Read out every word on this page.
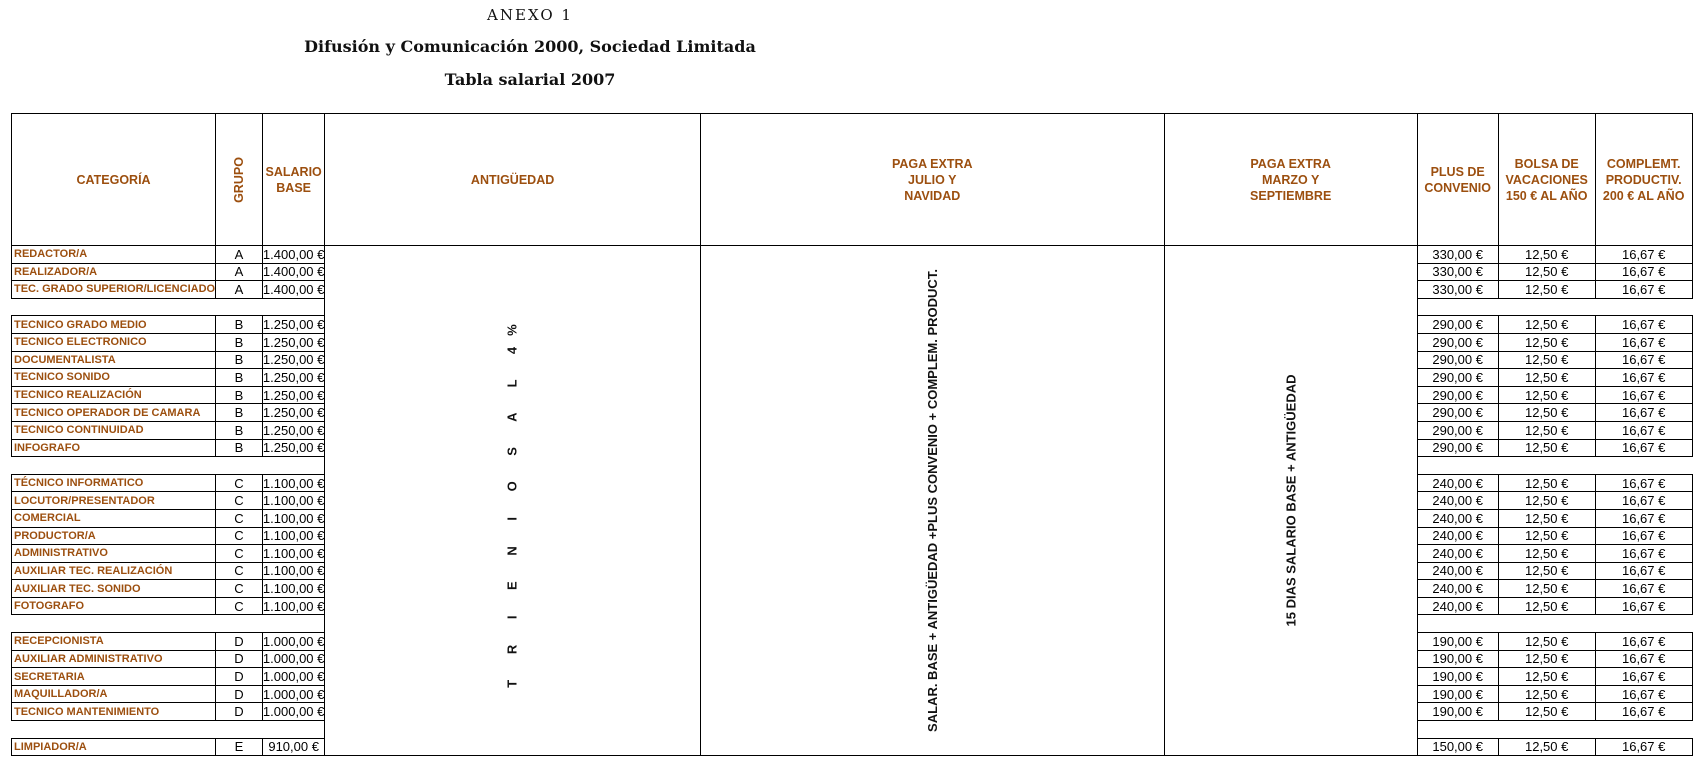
ANEXO 1
Difusión y Comunicación 2000, Sociedad Limitada
Tabla salarial 2007
CATEGORÍA	GRUPO	SALARIO BASE	ANTIGÜEDAD	PAGA EXTRA JULIO Y NAVIDAD	PAGA EXTRA MARZO Y SEPTIEMBRE	PLUS DE CONVENIO	BOLSA DE VACACIONES 150 € AL AÑO	COMPLEMT. PRODUCTIV. 200 € AL AÑO
REDACTOR/A	A	1.400,00 €	T R I E N I O S A L 4%	SALAR. BASE + ANTIGÜEDAD +PLUS CONVENIO + COMPLEM. PRODUCT.	15 DIAS SALARIO BASE + ANTIGÜEDAD	330,00 €	12,50 €	16,67 €
REALIZADOR/A	A	1.400,00 €				330,00 €	12,50 €	16,67 €
TEC. GRADO SUPERIOR/LICENCIADO	A	1.400,00 €				330,00 €	12,50 €	16,67 €

TECNICO GRADO MEDIO	B	1.250,00 €				290,00 €	12,50 €	16,67 €
TECNICO ELECTRONICO	B	1.250,00 €				290,00 €	12,50 €	16,67 €
DOCUMENTALISTA	B	1.250,00 €				290,00 €	12,50 €	16,67 €
TECNICO SONIDO	B	1.250,00 €				290,00 €	12,50 €	16,67 €
TECNICO REALIZACIÓN	B	1.250,00 €				290,00 €	12,50 €	16,67 €
TECNICO OPERADOR DE CAMARA	B	1.250,00 €				290,00 €	12,50 €	16,67 €
TECNICO CONTINUIDAD	B	1.250,00 €				290,00 €	12,50 €	16,67 €
INFOGRAFO	B	1.250,00 €				290,00 €	12,50 €	16,67 €

TÉCNICO INFORMATICO	C	1.100,00 €				240,00 €	12,50 €	16,67 €
LOCUTOR/PRESENTADOR	C	1.100,00 €				240,00 €	12,50 €	16,67 €
COMERCIAL	C	1.100,00 €				240,00 €	12,50 €	16,67 €
PRODUCTOR/A	C	1.100,00 €				240,00 €	12,50 €	16,67 €
ADMINISTRATIVO	C	1.100,00 €				240,00 €	12,50 €	16,67 €
AUXILIAR TEC. REALIZACIÓN	C	1.100,00 €				240,00 €	12,50 €	16,67 €
AUXILIAR TEC. SONIDO	C	1.100,00 €				240,00 €	12,50 €	16,67 €
FOTOGRAFO	C	1.100,00 €				240,00 €	12,50 €	16,67 €

RECEPCIONISTA	D	1.000,00 €				190,00 €	12,50 €	16,67 €
AUXILIAR ADMINISTRATIVO	D	1.000,00 €				190,00 €	12,50 €	16,67 €
SECRETARIA	D	1.000,00 €				190,00 €	12,50 €	16,67 €
MAQUILLADOR/A	D	1.000,00 €				190,00 €	12,50 €	16,67 €
TECNICO MANTENIMIENTO	D	1.000,00 €				190,00 €	12,50 €	16,67 €

LIMPIADOR/A	E	910,00 €				150,00 €	12,50 €	16,67 €
